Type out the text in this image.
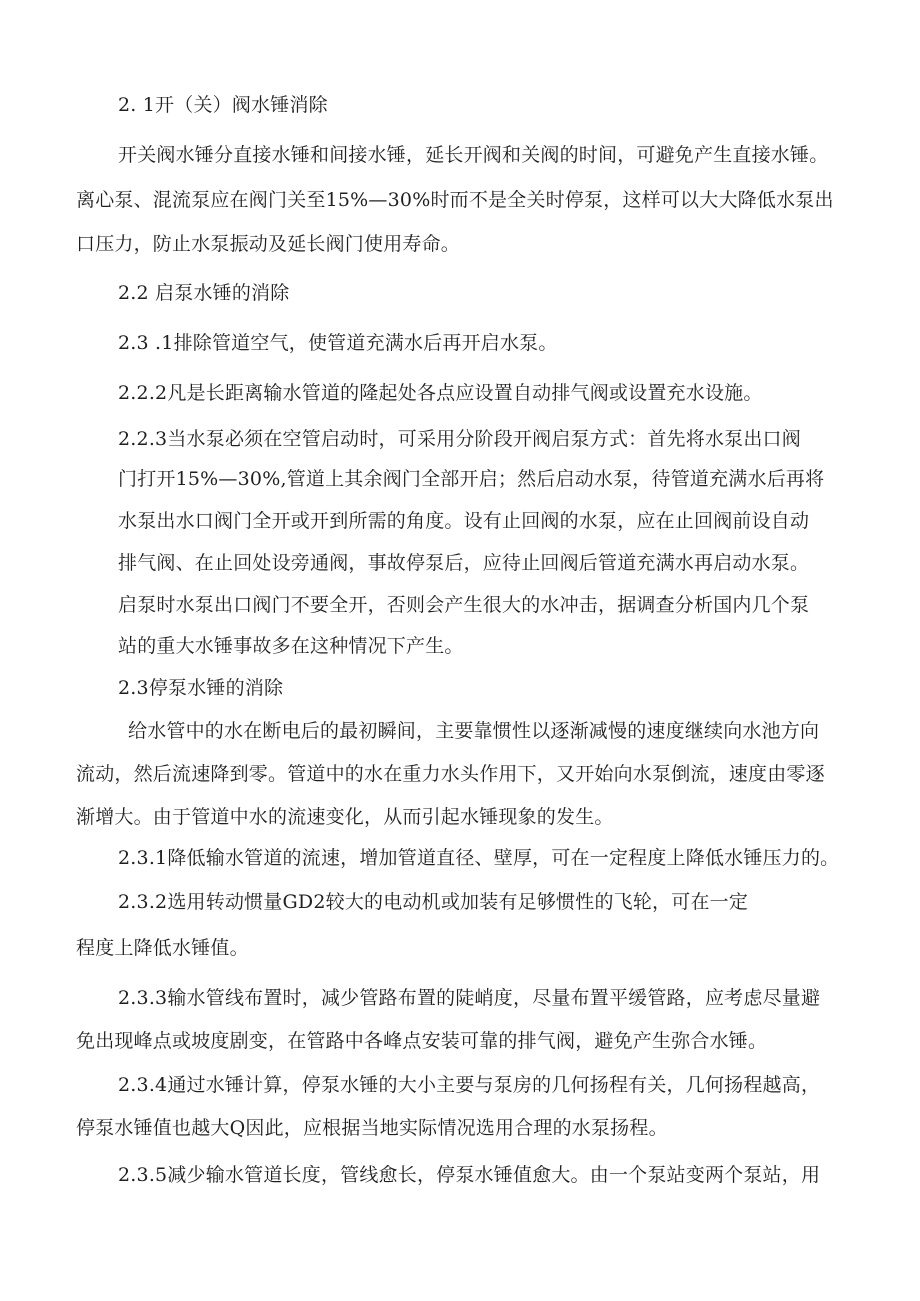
2. 1开（关）阀水锤消除
开关阀水锤分直接水锤和间接水锤，延长开阀和关阀的时间，可避免产生直接水锤。
离心泵、混流泵应在阀门关至15%—30%时而不是全关时停泵，这样可以大大降低水泵出
口压力，防止水泵振动及延长阀门使用寿命。
2.2 启泵水锤的消除
2.3 .1排除管道空气，使管道充满水后再开启水泵。
2.2.2凡是长距离输水管道的隆起处各点应设置自动排气阀或设置充水设施。
2.2.3当水泵必须在空管启动时，可采用分阶段开阀启泵方式：首先将水泵出口阀
门打开15%—30%,管道上其余阀门全部开启；然后启动水泵，待管道充满水后再将
水泵出水口阀门全开或开到所需的角度。设有止回阀的水泵，应在止回阀前设自动
排气阀、在止回处设旁通阀，事故停泵后，应待止回阀后管道充满水再启动水泵。
启泵时水泵出口阀门不要全开，否则会产生很大的水冲击，据调查分析国内几个泵
站的重大水锤事故多在这种情况下产生。
2.3停泵水锤的消除
给水管中的水在断电后的最初瞬间，主要靠惯性以逐渐减慢的速度继续向水池方向
流动，然后流速降到零。管道中的水在重力水头作用下，又开始向水泵倒流，速度由零逐
渐增大。由于管道中水的流速变化，从而引起水锤现象的发生。
2.3.1降低输水管道的流速，增加管道直径、壁厚，可在一定程度上降低水锤压力的。
2.3.2选用转动惯量GD2较大的电动机或加装有足够惯性的飞轮，可在一定
程度上降低水锤值。
2.3.3输水管线布置时，减少管路布置的陡峭度，尽量布置平缓管路，应考虑尽量避
免出现峰点或坡度剧变，在管路中各峰点安装可靠的排气阀，避免产生弥合水锤。
2.3.4通过水锤计算，停泵水锤的大小主要与泵房的几何扬程有关，几何扬程越高，
停泵水锤值也越大Q因此，应根据当地实际情况选用合理的水泵扬程。
2.3.5减少输水管道长度，管线愈长，停泵水锤值愈大。由一个泵站变两个泵站，用
